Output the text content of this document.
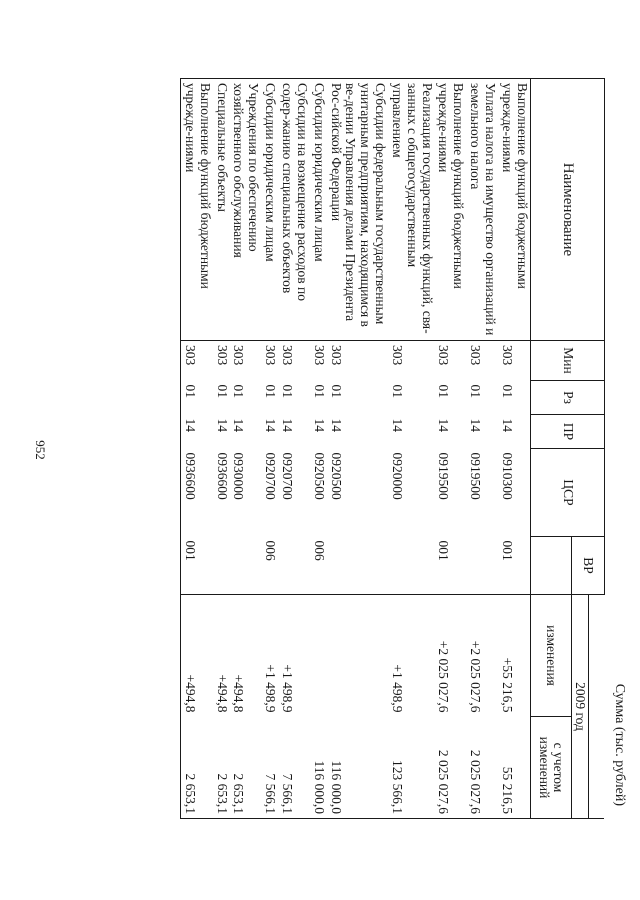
952
Сумма (тыс. рублей)
Наименование	Мин	Рз	ПР	ЦСР	ВР		
						2009 год	
						изменения	с учетом изменений
Выполнение функций бюджетными учрежде-ниями	303	01	14	0910300	001	+55 216,5	55 216,5
Уплата налога на имущество организаций и земельного налога	303	01	14	0919500		+2 025 027,6	2 025 027,6
Выполнение функций бюджетными учрежде-ниями	303	01	14	0919500	001	+2 025 027,6	2 025 027,6
Реализация государственных функций, свя-занных с общегосударственным управлением	303	01	14	0920000		+1 498,9	123 566,1
Субсидии федеральным государственным унитарным предприятиям, находящимся в ве-дении Управления делами Президента Рос-сийской Федерации	303	01	14	0920500			116 000,0
Субсидии юридическим лицам	303	01	14	0920500	006		116 000,0
Субсидии на возмещение расходов по содер-жанию специальных объектов	303	01	14	0920700		+1 498,9	7 566,1
Субсидии юридическим лицам	303	01	14	0920700	006	+1 498,9	7 566,1
Учреждения по обеспечению хозяйственного обслуживания	303	01	14	0930000		+494,8	2 653,1
Специальные объекты	303	01	14	0936600		+494,8	2 653,1
Выполнение функций бюджетными учрежде-ниями	303	01	14	0936600	001	+494,8	2 653,1
